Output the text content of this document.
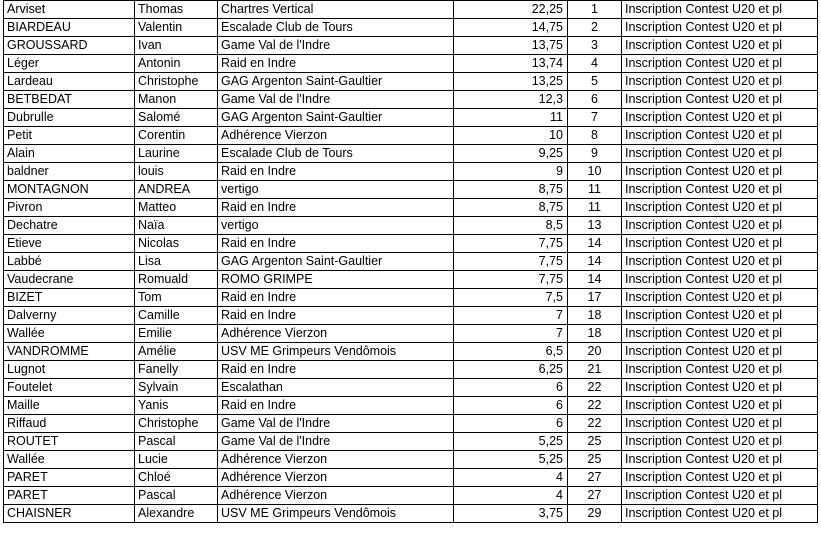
Arviset	Thomas	Chartres Vertical	22,25	1	Inscription Contest U20 et pl
BIARDEAU	Valentin	Escalade Club de Tours	14,75	2	Inscription Contest U20 et pl
GROUSSARD	Ivan	Game Val de l'Indre	13,75	3	Inscription Contest U20 et pl
Léger	Antonin	Raid en Indre	13,74	4	Inscription Contest U20 et pl
Lardeau	Christophe	GAG Argenton Saint-Gaultier	13,25	5	Inscription Contest U20 et pl
BETBEDAT	Manon	Game Val de l'Indre	12,3	6	Inscription Contest U20 et pl
Dubrulle	Salomé	GAG Argenton Saint-Gaultier	11	7	Inscription Contest U20 et pl
Petit	Corentin	Adhérence Vierzon	10	8	Inscription Contest U20 et pl
Alain	Laurine	Escalade Club de Tours	9,25	9	Inscription Contest U20 et pl
baldner	louis	Raid en Indre	9	10	Inscription Contest U20 et pl
MONTAGNON	ANDREA	vertigo	8,75	11	Inscription Contest U20 et pl
Pivron	Matteo	Raid en Indre	8,75	11	Inscription Contest U20 et pl
Dechatre	Naïa	vertigo	8,5	13	Inscription Contest U20 et pl
Etieve	Nicolas	Raid en Indre	7,75	14	Inscription Contest U20 et pl
Labbé	Lisa	GAG Argenton Saint-Gaultier	7,75	14	Inscription Contest U20 et pl
Vaudecrane	Romuald	ROMO GRIMPE	7,75	14	Inscription Contest U20 et pl
BIZET	Tom	Raid en Indre	7,5	17	Inscription Contest U20 et pl
Dalverny	Camille	Raid en Indre	7	18	Inscription Contest U20 et pl
Wallée	Emilie	Adhérence Vierzon	7	18	Inscription Contest U20 et pl
VANDROMME	Amélie	USV ME Grimpeurs Vendômois	6,5	20	Inscription Contest U20 et pl
Lugnot	Fanelly	Raid en Indre	6,25	21	Inscription Contest U20 et pl
Foutelet	Sylvain	Escalathan	6	22	Inscription Contest U20 et pl
Maille	Yanis	Raid en Indre	6	22	Inscription Contest U20 et pl
Riffaud	Christophe	Game Val de l'Indre	6	22	Inscription Contest U20 et pl
ROUTET	Pascal	Game Val de l'Indre	5,25	25	Inscription Contest U20 et pl
Wallée	Lucie	Adhérence Vierzon	5,25	25	Inscription Contest U20 et pl
PARET	Chloé	Adhérence Vierzon	4	27	Inscription Contest U20 et pl
PARET	Pascal	Adhérence Vierzon	4	27	Inscription Contest U20 et pl
CHAISNER	Alexandre	USV ME Grimpeurs Vendômois	3,75	29	Inscription Contest U20 et pl
